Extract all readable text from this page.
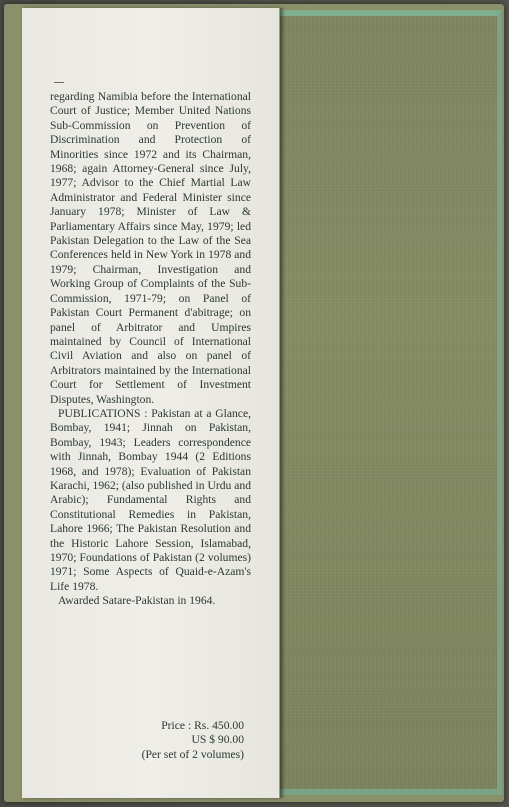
regarding Namibia before the International Court of Justice; Member United Nations Sub-Commission on Prevention of Discrimination and Protection of Minorities since 1972 and its Chairman, 1968; again Attorney-General since July, 1977; Advisor to the Chief Martial Law Administrator and Federal Minister since January 1978; Minister of Law & Parliamentary Affairs since May, 1979; led Pakistan Delegation to the Law of the Sea Conferences held in New York in 1978 and 1979; Chairman, Investigation and Working Group of Complaints of the Sub-Commission, 1971-79; on Panel of Pakistan Court Permanent d'abitrage; on panel of Arbitrator and Umpires maintained by Council of International Civil Aviation and also on panel of Arbitrators maintained by the International Court for Settlement of Investment Disputes, Washington.

PUBLICATIONS : Pakistan at a Glance, Bombay, 1941; Jinnah on Pakistan, Bombay, 1943; Leaders correspondence with Jinnah, Bombay 1944 (2 Editions 1968, and 1978); Evaluation of Pakistan Karachi, 1962; (also published in Urdu and Arabic); Fundamental Rights and Constitutional Remedies in Pakistan, Lahore 1966; The Pakistan Resolution and the Historic Lahore Session, Islamabad, 1970; Foundations of Pakistan (2 volumes) 1971; Some Aspects of Quaid-e-Azam's Life 1978.

Awarded Satare-Pakistan in 1964.

Price : Rs. 450.00
US $ 90.00
(Per set of 2 volumes)
